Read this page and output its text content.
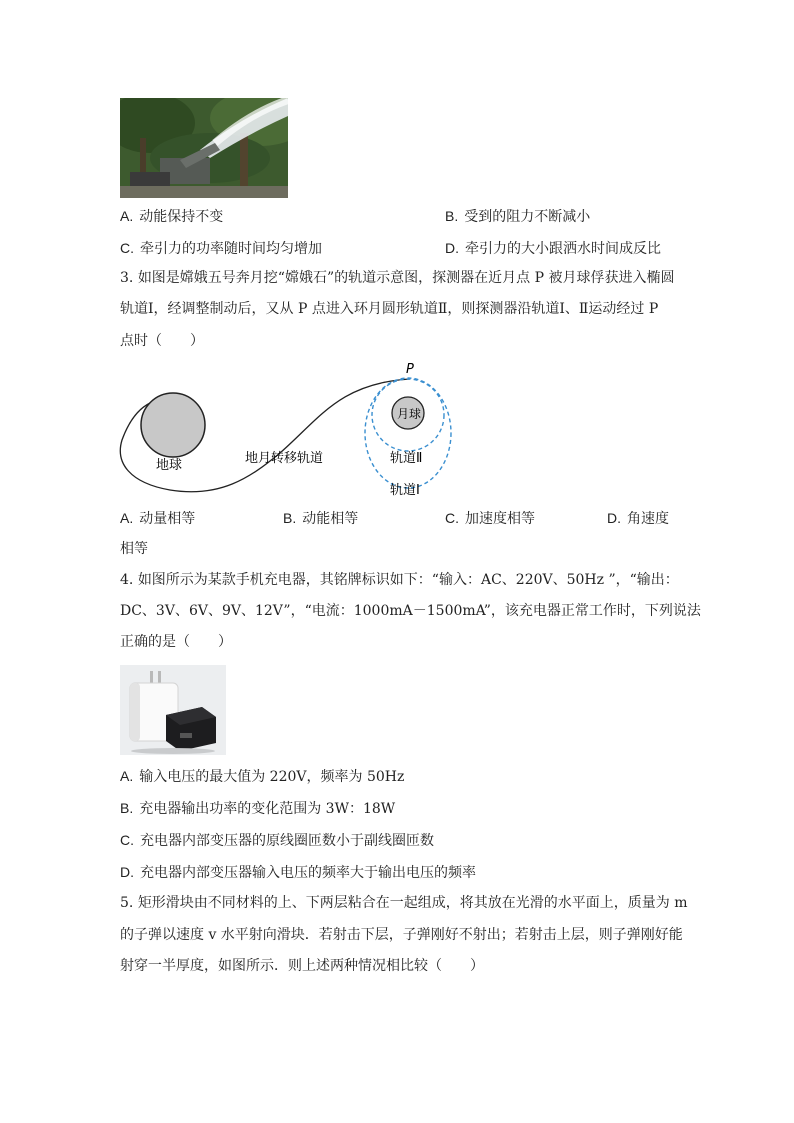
A. 动能保持不变	B. 受到的阻力不断减小
C. 牵引力的功率随时间均匀增加	D. 牵引力的大小跟洒水时间成反比
3. 如图是嫦娥五号奔月挖“嫦娥石”的轨道示意图，探测器在近月点 P 被月球俘获进入椭圆
轨道Ⅰ，经调整制动后，又从 P 点进入环月圆形轨道Ⅱ，则探测器沿轨道Ⅰ、Ⅱ运动经过 P
点时（　　）
P
月球
地球	地月转移轨道	轨道Ⅱ
轨道Ⅰ
A. 动量相等	B. 动能相等	C. 加速度相等	D. 角速度
相等
4. 如图所示为某款手机充电器，其铭牌标识如下：“输入：AC、220V、50Hz ”，“输出：
DC、3V、6V、9V、12V”，“电流：1000mA－1500mA”，该充电器正常工作时，下列说法
正确的是（　　）
A. 输入电压的最大值为 220V，频率为 50Hz
B. 充电器输出功率的变化范围为 3W：18W
C. 充电器内部变压器的原线圈匝数小于副线圈匝数
D. 充电器内部变压器输入电压的频率大于输出电压的频率
5. 矩形滑块由不同材料的上、下两层粘合在一起组成，将其放在光滑的水平面上，质量为 m
的子弹以速度 v 水平射向滑块．若射击下层，子弹刚好不射出；若射击上层，则子弹刚好能
射穿一半厚度，如图所示．则上述两种情况相比较（　　）
